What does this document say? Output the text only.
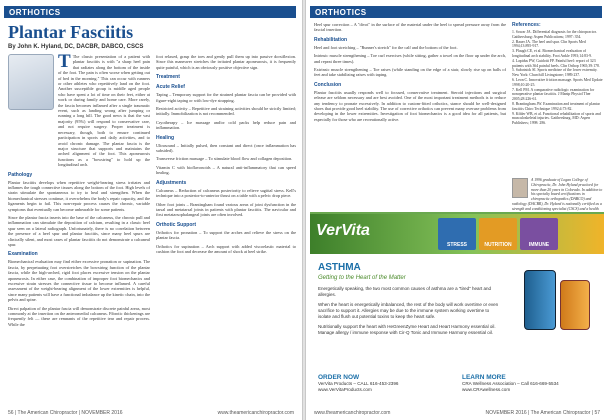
ORTHOTICS
Plantar Fasciitis
By John K. Hyland, DC, DACBR, DABCO, CSCS

T The classic presentation of a patient with plantar fasciitis is with "a sharp heel pain that radiates along the bottom of the inside of the foot. The pain is often worse when getting out of bed in the morning." This can occur with runners or other athletes who repetitively land on the foot. Another susceptible group is middle aged people who have spent a lot of time on their feet, either at work or during family and home care. More rarely, the fascia becomes inflamed after a single traumatic event, such as landing wrong after jumping or running a long hill. The good news is that the vast majority (95%) will respond to conservative care, and not require surgery. Proper treatment is necessary, though, both to ensure continued participation in sports and daily activities, and to avoid chronic damage. The plantar fascia is the major structure that supports and maintains the arched alignment of the foot. This aponeurosis functions as a "bowstring" to hold up the longitudinal arch.

Pathology

Plantar fasciitis develops when repetitive weight-bearing stress irritates and inflames the tough connective tissues along the bottom of the foot. High levels of strain stimulate the spontaneous to try to heal and strengthen. When the biomechanical stresses continue, it overwhelms the body's repair capacity, and the ligaments begin to fail. This non-repair process causes the chronic, variable symptoms that eventually can become unbearable for some patients.

Since the plantar fascia inserts into the base of the calcaneus, the chronic pull and inflammation can stimulate the deposition of calcium, resulting in a classic heel spur seen on a lateral radiograph. Unfortunately, there is no correlation between the presence of a heel spur and plantar fasciitis, since many heel spurs are clinically silent, and most cases of plantar fasciitis do not demonstrate a calcaneal spur.

Examination

Biomechanical evaluation may find either excessive pronation or supination. The fascia, by perpetuating foot overstretches the bowstring function of the plantar fascia, while the high-arched, rigid foot places excessive tension on the plantar aponeurosis. In either case, the combination of improper foot biomechanics and excessive strain stresses the connective tissue to become inflamed. A careful assessment of the weight-bearing alignment of the lower extremities is helpful, since many patients will have a functional imbalance up the kinetic chain, into the pelvis and spine.

Direct palpation of the plantar fascia will demonstrate discrete painful areas, most commonly at the insertion on the anteromedial calcaneus. Fibrotic thickenings are frequently felt — these are remnants of the repetitive tear and repair process. While the

foot relaxed, grasp the toes and gently pull them up into passive dorsiflexion. Since this maneuver stretches the irritated plantar aponeurosis, it is frequently quite painful, which is an obviously positive objective sign.

Treatment
Acute Relief

Taping – Temporary support for the strained plantar fascia can be provided with figure-eight taping or with low-dye strapping.

Restricted activity – Repetitive and straining activities should be strictly limited; initially. Immobilization is not recommended.

Cryotherapy – Ice massage and/or cold packs help reduce pain and inflammation.

Healing

Ultrasound – Initially pulsed, then constant and direct (once inflammation has subsided).

Transverse friction massage – To stimulate blood flow and collagen deposition.

Vitamin C with bioflavonoids – A natural anti-inflammatory that can speed healing.

Adjustments

Calcaneus – Reduction of calcaneus posteriority to relieve sagittal stress. Kell's technique into a posterior-to-anterior thrust on a table with a pelvic drop piece.

Other foot joints – Brantingham found various areas of joint dysfunction in the tarsal and metatarsal joints in patients with plantar fasciitis. The navicular and first metatarsophalangeal joints are often involved.

Orthotic Support

Orthotics for pronation – To support the arches and relieve the stress on the plantar fascia.

Orthotics for supination – Arch support with added viscoelastic material to cushion the foot and decrease the amount of shock at heel strike.

56 | The American Chiropractor | NOVEMBER 2016	www.theamericanchiropractor.com
ORTHOTICS

Heel spur correction – A "divot" in the surface of the material under the heel to spread pressure away from the fascial insertion.

Rehabilitation

Heel and foot stretching – "Runner's stretch" for the calf and the bottom of the foot.

Intrinsic muscle strengthening – Toe curl exercises (while sitting, gather a towel on the floor up under the arch, and repeat three times).

Extrinsic muscle strengthening – Toe raises (while standing on the edge of a stair, slowly rise up on balls of feet and take stabilizing raises with taping.

Conclusion

Plantar fasciitis usually responds well to focused, conservative treatment. Steroid injections and surgical release are seldom necessary and are best avoided. One of the most important treatment methods is to reduce any tendency to pronate excessively. In addition to custom-fitted orthotics, stance should be well-designed shoes that provide good heel stability. The use of corrective orthotics can prevent many overuse problems from developing in the lower extremities. Investigation of foot biomechanics is a good idea for all patients, but especially for those who are recreationally active.

References:
1. Sowar JA. Differential diagnosis for the chiropractor. Gaithersburg: Aspen Publications; 1997: 354.
2. Bauer JA. The heel and spur. Clin Sports Med 1994;13:895-917.
3. Plaugh CE, et al. Biomechanical evaluation of longitudinal arch stability. Foot Ankle 1993;14:83-9.
4. Lapidus PW, Guidotti FP. Painful heel: report of 323 patients with 364 painful heels. Clin Orthop 1965;39:178.
5. Subotnick SI. Sports medicine of the lower extremity. New York: Churchill Livingstone; 1989:237.
6. Leon C. Innovative friction massage. Sports Med Update 1998;10:20-25.
7. Kell PM. A comparative radiologic examination for nonoperative plantar fasciitis. J Manip Physiol Ther 2005;28:226-61.
8. Brantingham JW. Examination and treatment of plantar fasciitis Chiro Technique 1992;4:73-82.
9. Kibler WB, et al. Functional rehabilitation of sports and musculoskeletal injuries. Gaithersburg, MD: Aspen Publishers; 1998: 286.
A 1996 graduate of Logan College of Chiropractic, Dr. John Hyland practiced for more than 20 years in Colorado. In addition to his specialty board certifications in chiropractic orthopedics (DABCO) and radiology (DACBR), Dr. Hyland is nationally certified as a strength and conditioning specialist (CSCS) and a health
VerVita
STRESS	NUTRITION	IMMUNE
ASTHMA
Getting to the Heart of the Matter

Energetically speaking, the two most common causes of asthma are a "tired" heart and allergies.

When the heart is energetically imbalanced, the rest of the body will work overtime or even sacrifice to support it. Allergies may be due to the immune system working overtime to isolate and flush out potential toxins to keep the heart safe.

Nutritionally support the heart with HeGreenZyme Heart and Heart Harmony essential oil. Manage allergy / immune response with Cir-Q Tonic and Immune Harmony essential oil.

ORDER NOW
VerVita Products – CALL 616-453-2396
www.VerVitaProducts.com
LEARN MORE
CRA Wellness Association – Call 616-669-5534
www.CRAwellness.com
www.theamericanchiropractor.com	NOVEMBER 2016 | The American Chiropractor | 57
